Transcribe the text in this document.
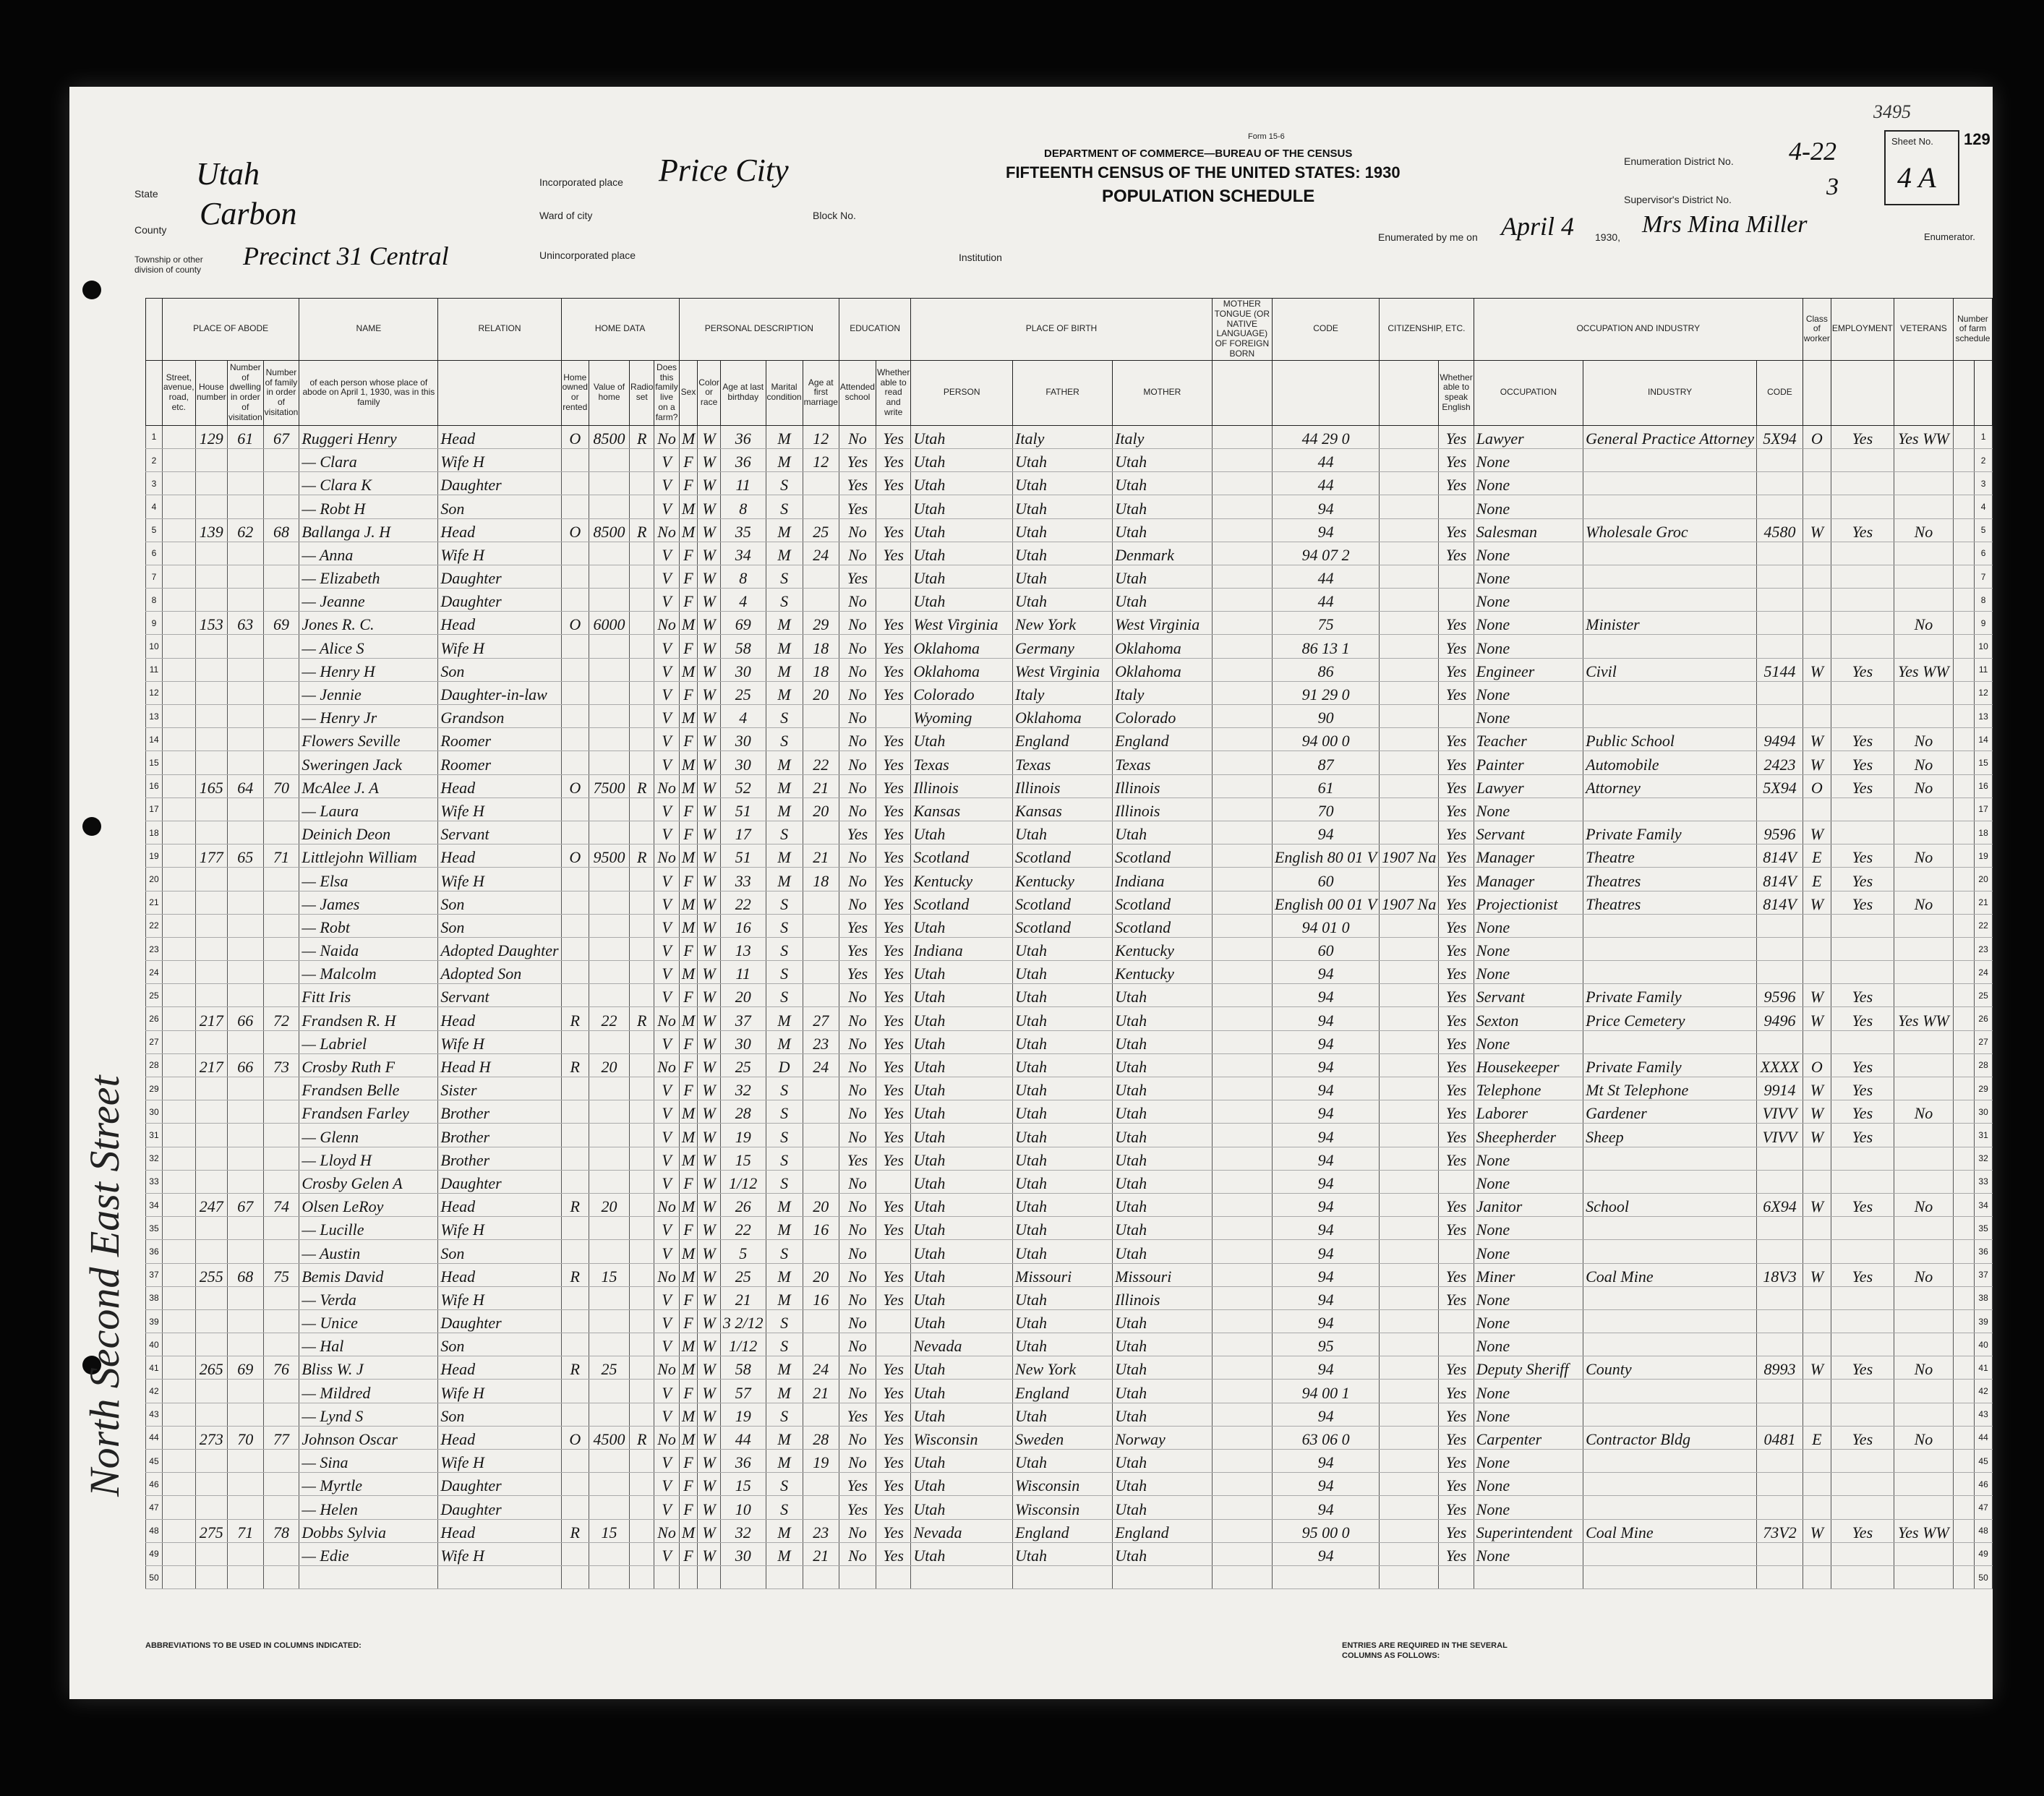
Form 15-6
DEPARTMENT OF COMMERCE—BUREAU OF THE CENSUS
FIFTEENTH CENSUS OF THE UNITED STATES: 1930
POPULATION SCHEDULE
3495
129
State
Utah
County Carbon
Township or other division of county	Precinct 31 Central
Incorporated place Price City
Ward of city	Block No.
Unincorporated place	Institution
Enumeration District No. 4-22
Supervisor's District No.	3
Sheet No.
4 A
Enumerated by me on April 4 1930, Mrs Mina Miller	Enumerator.
North Second East Street
	PLACE OF ABODE				NAME	RELATION	HOME DATA				PERSONAL DESCRIPTION					EDUCATION		PLACE OF BIRTH			MOTHER TONGUE (OR NATIVE LANGUAGE) OF FOREIGN BORN	CODE	CITIZENSHIP, ETC.		OCCUPATION AND INDUSTRY			Class of worker	EMPLOYMENT	VETERANS	Number of farm schedule	
	Street, avenue, road, etc.	House number	Number of dwelling in order of visitation	Number of family in order of visitation	of each person whose place of abode on April 1, 1930, was in this family		Home owned or rented	Value of home	Radio set	Does this family live on a farm?	Sex	Color or race	Age at last birthday	Marital condition	Age at first marriage	Attended school	Whether able to read and write	PERSON	FATHER	MOTHER				Whether able to speak English	OCCUPATION	INDUSTRY	CODE					
1		129	61	67	Ruggeri Henry	Head	O	8500	R	No	M	W	36	M	12	No	Yes	Utah	Italy	Italy		44 29 0		Yes	Lawyer	General Practice Attorney	5X94	O	Yes	Yes WW		1
2					— Clara	Wife H				V	F	W	36	M	12	Yes	Yes	Utah	Utah	Utah		44		Yes	None							2
3					— Clara K	Daughter				V	F	W	11	S		Yes	Yes	Utah	Utah	Utah		44		Yes	None							3
4					— Robt H	Son				V	M	W	8	S		Yes		Utah	Utah	Utah		94			None							4
5		139	62	68	Ballanga J. H	Head	O	8500	R	No	M	W	35	M	25	No	Yes	Utah	Utah	Utah		94		Yes	Salesman	Wholesale Groc	4580	W	Yes	No		5
6					— Anna	Wife H				V	F	W	34	M	24	No	Yes	Utah	Utah	Denmark		94 07 2		Yes	None							6
7					— Elizabeth	Daughter				V	F	W	8	S		Yes		Utah	Utah	Utah		44			None							7
8					— Jeanne	Daughter				V	F	W	4	S		No		Utah	Utah	Utah		44			None							8
9		153	63	69	Jones R. C.	Head	O	6000		No	M	W	69	M	29	No	Yes	West Virginia	New York	West Virginia		75		Yes	None	Minister				No		9
10					— Alice S	Wife H				V	F	W	58	M	18	No	Yes	Oklahoma	Germany	Oklahoma		86 13 1		Yes	None							10
11					— Henry H	Son				V	M	W	30	M	18	No	Yes	Oklahoma	West Virginia	Oklahoma		86		Yes	Engineer	Civil	5144	W	Yes	Yes WW		11
12					— Jennie	Daughter-in-law				V	F	W	25	M	20	No	Yes	Colorado	Italy	Italy		91 29 0		Yes	None							12
13					— Henry Jr	Grandson				V	M	W	4	S		No		Wyoming	Oklahoma	Colorado		90			None							13
14					Flowers Seville	Roomer				V	F	W	30	S		No	Yes	Utah	England	England		94 00 0		Yes	Teacher	Public School	9494	W	Yes	No		14
15					Sweringen Jack	Roomer				V	M	W	30	M	22	No	Yes	Texas	Texas	Texas		87		Yes	Painter	Automobile	2423	W	Yes	No		15
16		165	64	70	McAlee J. A	Head	O	7500	R	No	M	W	52	M	21	No	Yes	Illinois	Illinois	Illinois		61		Yes	Lawyer	Attorney	5X94	O	Yes	No		16
17					— Laura	Wife H				V	F	W	51	M	20	No	Yes	Kansas	Kansas	Illinois		70		Yes	None							17
18					Deinich Deon	Servant				V	F	W	17	S		Yes	Yes	Utah	Utah	Utah		94		Yes	Servant	Private Family	9596	W				18
19		177	65	71	Littlejohn William	Head	O	9500	R	No	M	W	51	M	21	No	Yes	Scotland	Scotland	Scotland		English 80 01 V	1907 Na	Yes	Manager	Theatre	814V	E	Yes	No		19
20					— Elsa	Wife H				V	F	W	33	M	18	No	Yes	Kentucky	Kentucky	Indiana		60		Yes	Manager	Theatres	814V	E	Yes			20
21					— James	Son				V	M	W	22	S		No	Yes	Scotland	Scotland	Scotland		English 00 01 V	1907 Na	Yes	Projectionist	Theatres	814V	W	Yes	No		21
22					— Robt	Son				V	M	W	16	S		Yes	Yes	Utah	Scotland	Scotland		94 01 0		Yes	None							22
23					— Naida	Adopted Daughter				V	F	W	13	S		Yes	Yes	Indiana	Utah	Kentucky		60		Yes	None							23
24					— Malcolm	Adopted Son				V	M	W	11	S		Yes	Yes	Utah	Utah	Kentucky		94		Yes	None							24
25					Fitt Iris	Servant				V	F	W	20	S		No	Yes	Utah	Utah	Utah		94		Yes	Servant	Private Family	9596	W	Yes			25
26		217	66	72	Frandsen R. H	Head	R	22	R	No	M	W	37	M	27	No	Yes	Utah	Utah	Utah		94		Yes	Sexton	Price Cemetery	9496	W	Yes	Yes WW		26
27					— Labriel	Wife H				V	F	W	30	M	23	No	Yes	Utah	Utah	Utah		94		Yes	None							27
28		217	66	73	Crosby Ruth F	Head H	R	20		No	F	W	25	D	24	No	Yes	Utah	Utah	Utah		94		Yes	Housekeeper	Private Family	XXXX	O	Yes			28
29					Frandsen Belle	Sister				V	F	W	32	S		No	Yes	Utah	Utah	Utah		94		Yes	Telephone	Mt St Telephone	9914	W	Yes			29
30					Frandsen Farley	Brother				V	M	W	28	S		No	Yes	Utah	Utah	Utah		94		Yes	Laborer	Gardener	VIVV	W	Yes	No		30
31					— Glenn	Brother				V	M	W	19	S		No	Yes	Utah	Utah	Utah		94		Yes	Sheepherder	Sheep	VIVV	W	Yes			31
32					— Lloyd H	Brother				V	M	W	15	S		Yes	Yes	Utah	Utah	Utah		94		Yes	None							32
33					Crosby Gelen A	Daughter				V	F	W	1/12	S		No		Utah	Utah	Utah		94			None							33
34		247	67	74	Olsen LeRoy	Head	R	20		No	M	W	26	M	20	No	Yes	Utah	Utah	Utah		94		Yes	Janitor	School	6X94	W	Yes	No		34
35					— Lucille	Wife H				V	F	W	22	M	16	No	Yes	Utah	Utah	Utah		94		Yes	None							35
36					— Austin	Son				V	M	W	5	S		No		Utah	Utah	Utah		94			None							36
37		255	68	75	Bemis David	Head	R	15		No	M	W	25	M	20	No	Yes	Utah	Missouri	Missouri		94		Yes	Miner	Coal Mine	18V3	W	Yes	No		37
38					— Verda	Wife H				V	F	W	21	M	16	No	Yes	Utah	Utah	Illinois		94		Yes	None							38
39					— Unice	Daughter				V	F	W	3 2/12	S		No		Utah	Utah	Utah		94			None							39
40					— Hal	Son				V	M	W	1/12	S		No		Nevada	Utah	Utah		95			None							40
41		265	69	76	Bliss W. J	Head	R	25		No	M	W	58	M	24	No	Yes	Utah	New York	Utah		94		Yes	Deputy Sheriff	County	8993	W	Yes	No		41
42					— Mildred	Wife H				V	F	W	57	M	21	No	Yes	Utah	England	Utah		94 00 1		Yes	None							42
43					— Lynd S	Son				V	M	W	19	S		Yes	Yes	Utah	Utah	Utah		94		Yes	None							43
44		273	70	77	Johnson Oscar	Head	O	4500	R	No	M	W	44	M	28	No	Yes	Wisconsin	Sweden	Norway		63 06 0		Yes	Carpenter	Contractor Bldg	0481	E	Yes	No		44
45					— Sina	Wife H				V	F	W	36	M	19	No	Yes	Utah	Utah	Utah		94		Yes	None							45
46					— Myrtle	Daughter				V	F	W	15	S		Yes	Yes	Utah	Wisconsin	Utah		94		Yes	None							46
47					— Helen	Daughter				V	F	W	10	S		Yes	Yes	Utah	Wisconsin	Utah		94		Yes	None							47
48		275	71	78	Dobbs Sylvia	Head	R	15		No	M	W	32	M	23	No	Yes	Nevada	England	England		95 00 0		Yes	Superintendent	Coal Mine	73V2	W	Yes	Yes WW		48
49					— Edie	Wife H				V	F	W	30	M	21	No	Yes	Utah	Utah	Utah		94		Yes	None							49
50																																50
ABBREVIATIONS TO BE USED IN COLUMNS INDICATED:	ENTRIES ARE REQUIRED IN THE SEVERAL COLUMNS AS FOLLOWS:
